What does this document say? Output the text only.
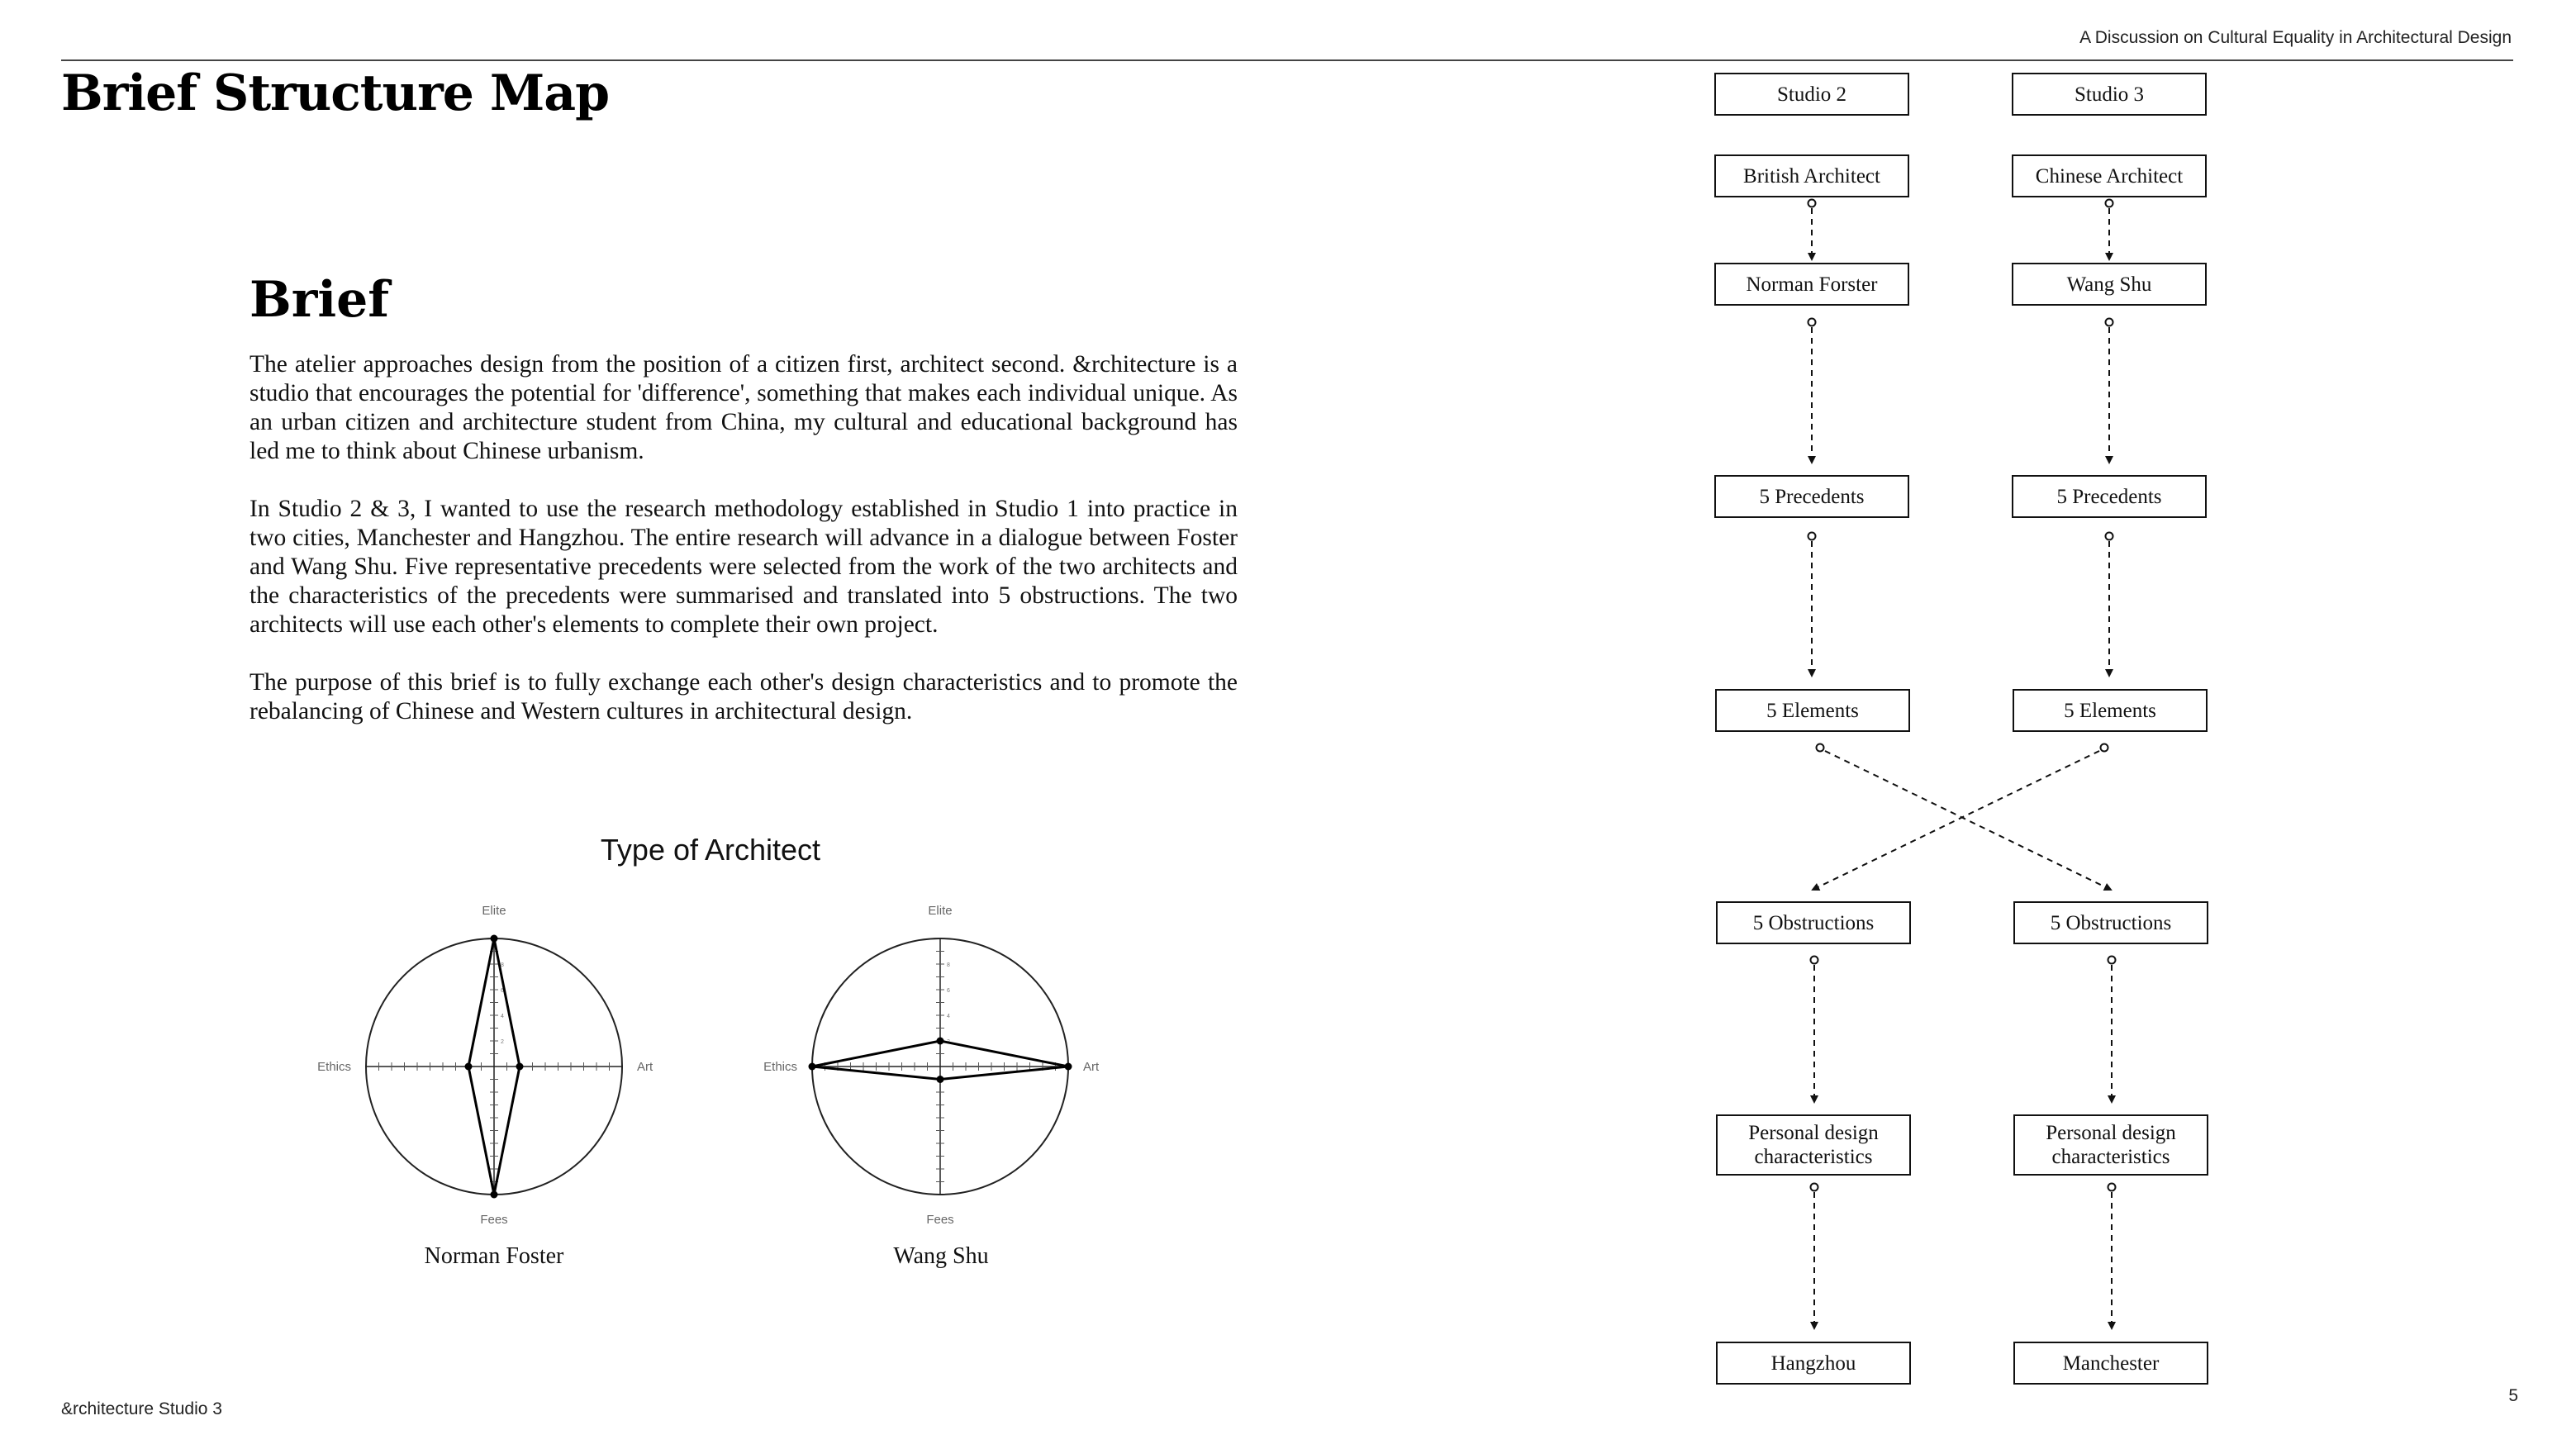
A Discussion on Cultural Equality in Architectural Design
Brief Structure Map
Brief

The atelier approaches design from the position of a citizen first, architect second. &rchitecture is a studio that encourages the potential for 'difference', something that makes each individual unique. As an urban citizen and architecture student from China, my cultural and educational background has led me to think about Chinese urbanism.

In Studio 2 & 3, I wanted to use the research methodology established in Studio 1 into practice in two cities, Manchester and Hangzhou. The entire research will advance in a dialogue between Foster and Wang Shu. Five representative precedents were selected from the work of the two architects and the characteristics of the precedents were summarised and translated into 5 obstructions. The two architects will use each other's elements to complete their own project.

The purpose of this brief is to fully exchange each other's design characteristics and to promote the rebalancing of Chinese and Western cultures in architectural design.

Type of Architect
2
4
6
8
Elite
Fees
Ethics	Art
Norman Foster
2
4
6
8
Elite
Fees
Ethics	Art
Wang Shu
Studio 2
British Architect
Norman Forster
5 Precedents
5 Elements
5 Obstructions
Personal design characteristics
Hangzhou
Studio 3
Chinese Architect
Wang Shu
5 Precedents
5 Elements
5 Obstructions
Personal design characteristics
Manchester
&rchitecture Studio 3
5
